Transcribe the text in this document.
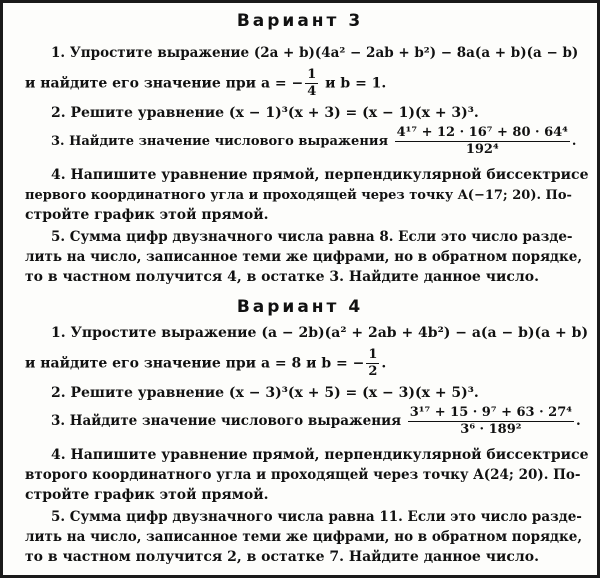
Вариант 3
1. Упростите выражение (2a + b)(4a² − 2ab + b²) − 8a(a + b)(a − b)
и найдите его значение при a = − $\frac{1}{4}$ и b = 1.
2. Решите уравнение (x − 1)³(x + 3) = (x − 1)(x + 3)³.
3. Найдите значение числового выражения $\frac{\text{4¹⁷ + 12 · 16⁷ + 80 · 64⁴}}{\text{192⁴}}$ .
4. Напишите уравнение прямой, перпендикулярной биссектрисе
первого координатного угла и проходящей через точку A(−17; 20). По-
стройте график этой прямой.
5. Сумма цифр двузначного числа равна 8. Если это число разде-
лить на число, записанное теми же цифрами, но в обратном порядке,
то в частном получится 4, в остатке 3. Найдите данное число.
Вариант 4
1. Упростите выражение (a − 2b)(a² + 2ab + 4b²) − a(a − b)(a + b)
и найдите его значение при a = 8 и b = − $\frac{1}{2}$ .
2. Решите уравнение (x − 3)³(x + 5) = (x − 3)(x + 5)³.
3. Найдите значение числового выражения $\frac{\text{3¹⁷ + 15 · 9⁷ + 63 · 27⁴}}{\text{3⁶ · 189²}}$ .
4. Напишите уравнение прямой, перпендикулярной биссектрисе
второго координатного угла и проходящей через точку A(24; 20). По-
стройте график этой прямой.
5. Сумма цифр двузначного числа равна 11. Если это число разде-
лить на число, записанное теми же цифрами, но в обратном порядке,
то в частном получится 2, в остатке 7. Найдите данное число.
